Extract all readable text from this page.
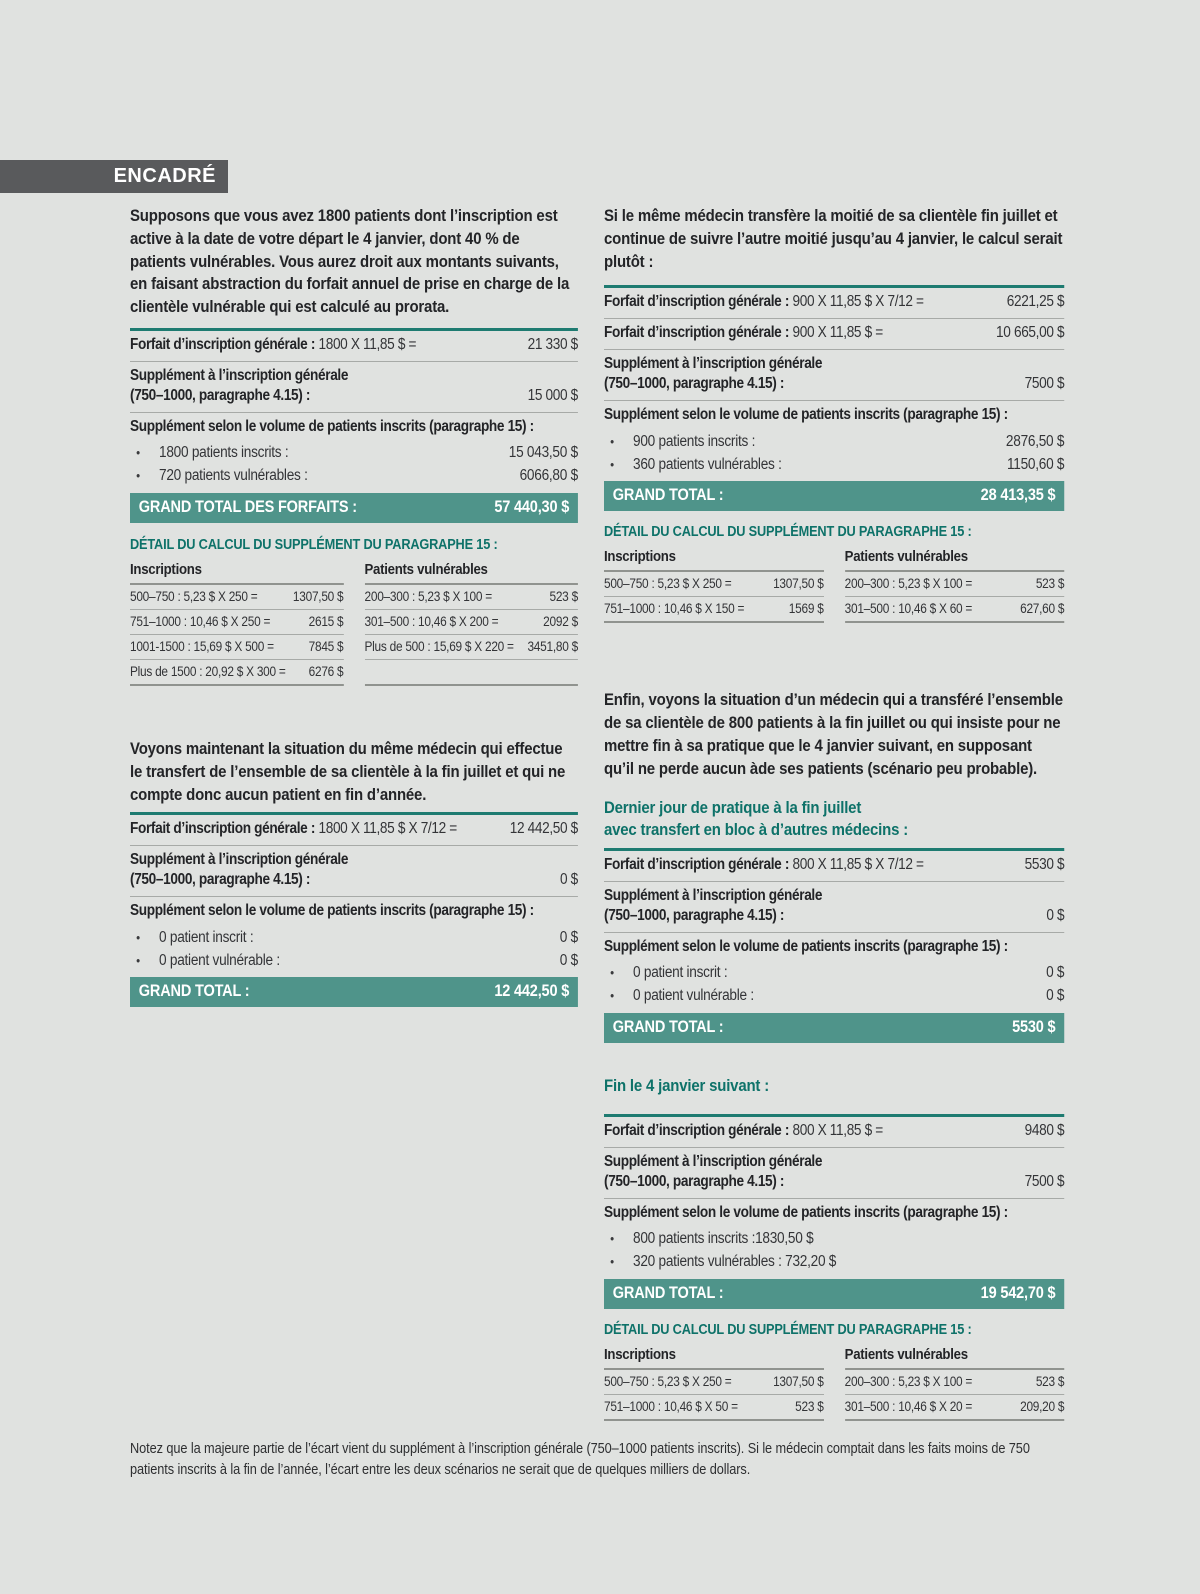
ENCADRÉ

Supposons que vous avez 1800 patients dont l’inscription est active à la date de votre départ le 4 janvier, dont 40 % de patients vulnérables. Vous aurez droit aux montants suivants, en faisant abstraction du forfait annuel de prise en charge de la clientèle vulnérable qui est calculé au prorata.

Forfait d’inscription générale : 1800 X 11,85 $ =	21 330 $
Supplément à l’inscription générale
(750–1000, paragraphe 4.15) :	15 000 $
Supplément selon le volume de patients inscrits (paragraphe 15) :
•	1800 patients inscrits :	15 043,50 $
•	720 patients vulnérables :	6066,80 $
GRAND TOTAL DES FORFAITS :	57 440,30 $

DÉTAIL DU CALCUL DU SUPPLÉMENT DU PARAGRAPHE 15 :

Inscriptions
500–750 : 5,23 $ X 250 =	1307,50 $
751–1000 : 10,46 $ X 250 =	2615 $
1001-1500 : 15,69 $ X 500 =	7845 $
Plus de 1500 : 20,92 $ X 300 = 6276 $
Patients vulnérables
200–300 : 5,23 $ X 100 =	523 $
301–500 : 10,46 $ X 200 =	2092 $
Plus de 500 : 15,69 $ X 220 = 3451,80 $

Voyons maintenant la situation du même médecin qui effectue le transfert de l’ensemble de sa clientèle à la fin juillet et qui ne compte donc aucun patient en fin d’année.

Forfait d’inscription générale : 1800 X 11,85 $ X 7/12 =	12 442,50 $
Supplément à l’inscription générale
(750–1000, paragraphe 4.15) :	0 $
Supplément selon le volume de patients inscrits (paragraphe 15) :
•	0 patient inscrit :	0 $
•	0 patient vulnérable :	0 $
GRAND TOTAL :	12 442,50 $

Si le même médecin transfère la moitié de sa clientèle fin juillet et continue de suivre l’autre moitié jusqu’au 4 janvier, le calcul serait plutôt :

Forfait d’inscription générale : 900 X 11,85 $ X 7/12 =	6221,25 $
Forfait d’inscription générale : 900 X 11,85 $ =	10 665,00 $
Supplément à l’inscription générale
(750–1000, paragraphe 4.15) :	7500 $
Supplément selon le volume de patients inscrits (paragraphe 15) :
•	900 patients inscrits :	2876,50 $
•	360 patients vulnérables :	1150,60 $
GRAND TOTAL :	28 413,35 $

DÉTAIL DU CALCUL DU SUPPLÉMENT DU PARAGRAPHE 15 :

Inscriptions
500–750 : 5,23 $ X 250 =	1307,50 $
751–1000 : 10,46 $ X 150 =	1569 $
Patients vulnérables
200–300 : 5,23 $ X 100 =	523 $
301–500 : 10,46 $ X 60 =	627,60 $

Enfin, voyons la situation d’un médecin qui a transféré l’ensemble de sa clientèle de 800 patients à la fin juillet ou qui insiste pour ne mettre fin à sa pratique que le 4 janvier suivant, en supposant qu’il ne perde aucun àde ses patients (scénario peu probable).

Dernier jour de pratique à la fin juillet
avec transfert en bloc à d’autres médecins :

Forfait d’inscription générale : 800 X 11,85 $ X 7/12 =	5530 $
Supplément à l’inscription générale
(750–1000, paragraphe 4.15) :	0 $
Supplément selon le volume de patients inscrits (paragraphe 15) :
•	0 patient inscrit :	0 $
•	0 patient vulnérable :	0 $
GRAND TOTAL :	5530 $

Fin le 4 janvier suivant :

Forfait d’inscription générale : 800 X 11,85 $ =	9480 $
Supplément à l’inscription générale
(750–1000, paragraphe 4.15) :	7500 $
Supplément selon le volume de patients inscrits (paragraphe 15) :
•	800 patients inscrits :1830,50 $
•	320 patients vulnérables : 732,20 $
GRAND TOTAL :	19 542,70 $

DÉTAIL DU CALCUL DU SUPPLÉMENT DU PARAGRAPHE 15 :

Inscriptions
500–750 : 5,23 $ X 250 =	1307,50 $
751–1000 : 10,46 $ X 50 =	523 $
Patients vulnérables
200–300 : 5,23 $ X 100 =	523 $
301–500 : 10,46 $ X 20 =	209,20 $

Notez que la majeure partie de l’écart vient du supplément à l’inscription générale (750–1000 patients inscrits). Si le médecin comptait dans les faits moins de 750 patients inscrits à la fin de l’année, l’écart entre les deux scénarios ne serait que de quelques milliers de dollars.
